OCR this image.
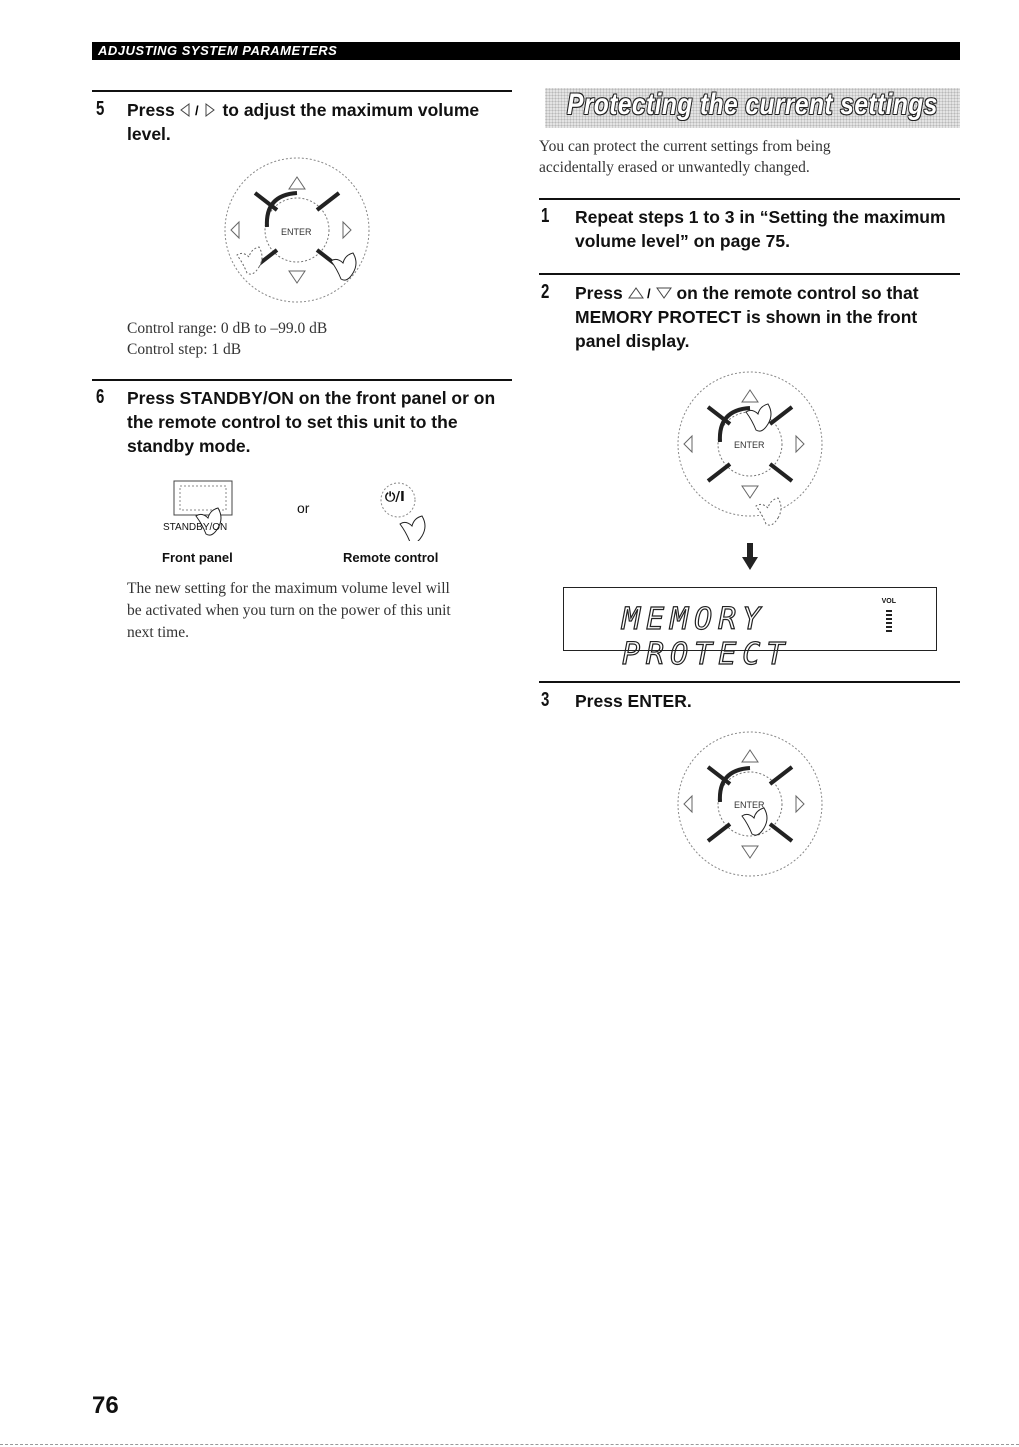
ADJUSTING SYSTEM PARAMETERS
5 Press / to adjust the maximum volume
level.
ENTER
Control range: 0 dB to –99.0 dB
Control step: 1 dB
6 Press STANDBY/ON on the front panel or on
the remote control to set this unit to the
standby mode.
STANDBY/ON
or
⏻/I
Front panel	Remote control
The new setting for the maximum volume level will
be activated when you turn on the power of this unit
next time.
Protecting the current settings
You can protect the current settings from being
accidentally erased or unwantedly changed.
1 Repeat steps 1 to 3 in “Setting the maximum
volume level” on page 75.
2 Press / on the remote control so that
MEMORY PROTECT is shown in the front
panel display.
ENTER
MEMORY PROTECT
VOL
3 Press ENTER.
ENTER
76
